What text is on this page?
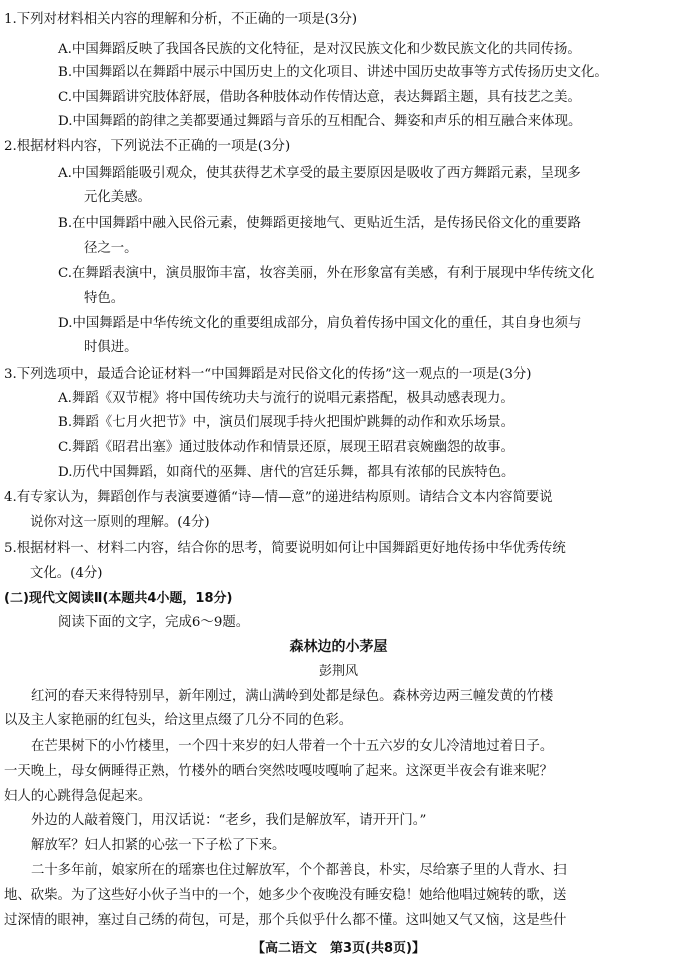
1.下列对材料相关内容的理解和分析，不正确的一项是(3分)
A.中国舞蹈反映了我国各民族的文化特征，是对汉民族文化和少数民族文化的共同传扬。
B.中国舞蹈以在舞蹈中展示中国历史上的文化项目、讲述中国历史故事等方式传扬历史文化。
C.中国舞蹈讲究肢体舒展，借助各种肢体动作传情达意，表达舞蹈主题，具有技艺之美。
D.中国舞蹈的韵律之美都要通过舞蹈与音乐的互相配合、舞姿和声乐的相互融合来体现。
2.根据材料内容，下列说法不正确的一项是(3分)
A.中国舞蹈能吸引观众，使其获得艺术享受的最主要原因是吸收了西方舞蹈元素，呈现多
元化美感。
B.在中国舞蹈中融入民俗元素，使舞蹈更接地气、更贴近生活，是传扬民俗文化的重要路
径之一。
C.在舞蹈表演中，演员服饰丰富，妆容美丽，外在形象富有美感，有利于展现中华传统文化
特色。
D.中国舞蹈是中华传统文化的重要组成部分，肩负着传扬中国文化的重任，其自身也须与
时俱进。
3.下列选项中，最适合论证材料一“中国舞蹈是对民俗文化的传扬”这一观点的一项是(3分)
A.舞蹈《双节棍》将中国传统功夫与流行的说唱元素搭配，极具动感表现力。
B.舞蹈《七月火把节》中，演员们展现手持火把围炉跳舞的动作和欢乐场景。
C.舞蹈《昭君出塞》通过肢体动作和情景还原，展现王昭君哀婉幽怨的故事。
D.历代中国舞蹈，如商代的巫舞、唐代的宫廷乐舞，都具有浓郁的民族特色。
4.有专家认为，舞蹈创作与表演要遵循“诗—情—意”的递进结构原则。请结合文本内容简要说
说你对这一原则的理解。(4分)
5.根据材料一、材料二内容，结合你的思考，简要说明如何让中国舞蹈更好地传扬中华优秀传统
文化。(4分)
(二)现代文阅读Ⅱ(本题共4小题，18分)
阅读下面的文字，完成6～9题。
森林边的小茅屋
彭荆风
红河的春天来得特别早，新年刚过，满山满岭到处都是绿色。森林旁边两三幢发黄的竹楼
以及主人家艳丽的红包头，给这里点缀了几分不同的色彩。
在芒果树下的小竹楼里，一个四十来岁的妇人带着一个十五六岁的女儿冷清地过着日子。
一天晚上，母女俩睡得正熟，竹楼外的晒台突然吱嘎吱嘎响了起来。这深更半夜会有谁来呢？
妇人的心跳得急促起来。
外边的人敲着篾门，用汉话说：“老乡，我们是解放军，请开开门。”
解放军？妇人扣紧的心弦一下子松了下来。
二十多年前，娘家所在的瑶寨也住过解放军，个个都善良，朴实，尽给寨子里的人背水、扫
地、砍柴。为了这些好小伙子当中的一个，她多少个夜晚没有睡安稳！她给他唱过婉转的歌，送
过深情的眼神，塞过自己绣的荷包，可是，那个兵似乎什么都不懂。这叫她又气又恼，这是些什
【高二语文　第3页(共8页)】
